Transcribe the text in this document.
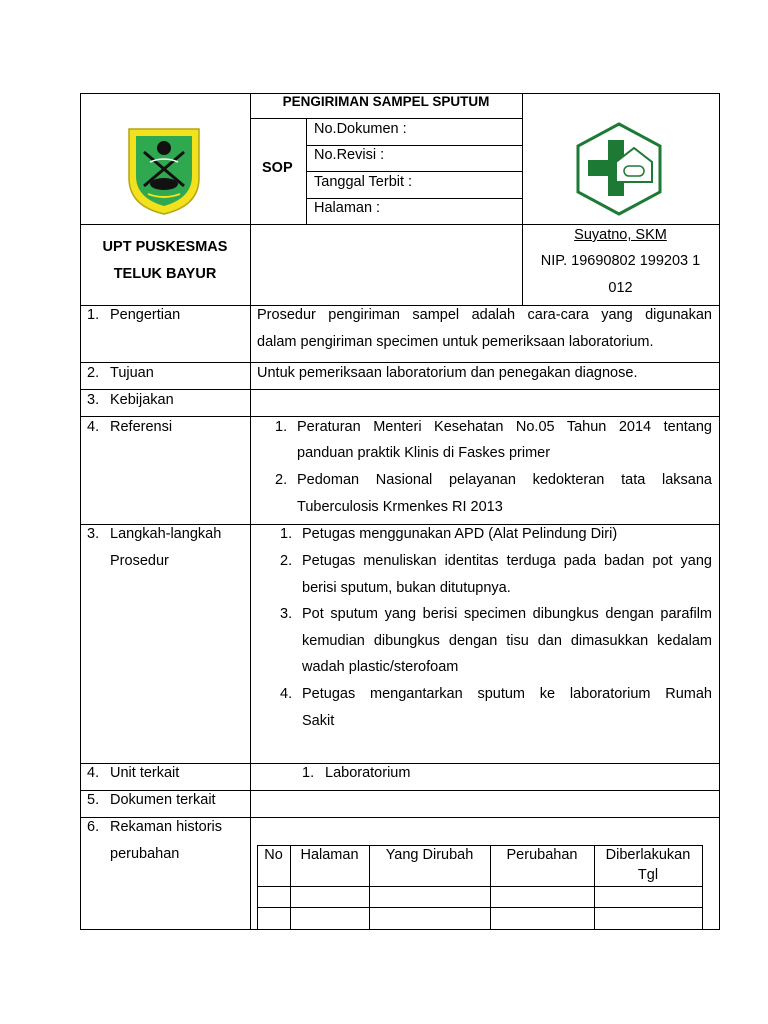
PENGIRIMAN SAMPEL SPUTUM
SOP
No.Dokumen :
No.Revisi :
Tanggal Terbit :
Halaman :
UPT PUSKESMAS
TELUK BAYUR
Suyatno, SKM
NIP. 19690802 199203 1
012
1. Pengertian	Prosedur pengiriman sampel adalah cara-cara yang digunakan
dalam pengiriman specimen untuk pemeriksaan laboratorium.
2. Tujuan	Untuk pemeriksaan laboratorium dan penegakan diagnose.
3. Kebijakan
4. Referensi	1. Peraturan Menteri Kesehatan No.05 Tahun 2014 tentang
panduan praktik Klinis di Faskes primer
2. Pedoman Nasional pelayanan kedokteran tata laksana
Tuberculosis Krmenkes RI 2013
3. Langkah-langkah
Prosedur
1. Petugas menggunakan APD (Alat Pelindung Diri)
2. Petugas menuliskan identitas terduga pada badan pot yang
berisi sputum, bukan ditutupnya.
3. Pot sputum yang berisi specimen dibungkus dengan parafilm
kemudian dibungkus dengan tisu dan dimasukkan kedalam
wadah plastic/sterofoam
4. Petugas mengantarkan sputum ke laboratorium Rumah
Sakit
4. Unit terkait	1. Laboratorium
5. Dokumen terkait
6. Rekaman historis
perubahan	No	Halaman	Yang Dirubah	Perubahan	Diberlakukan
Tgl
